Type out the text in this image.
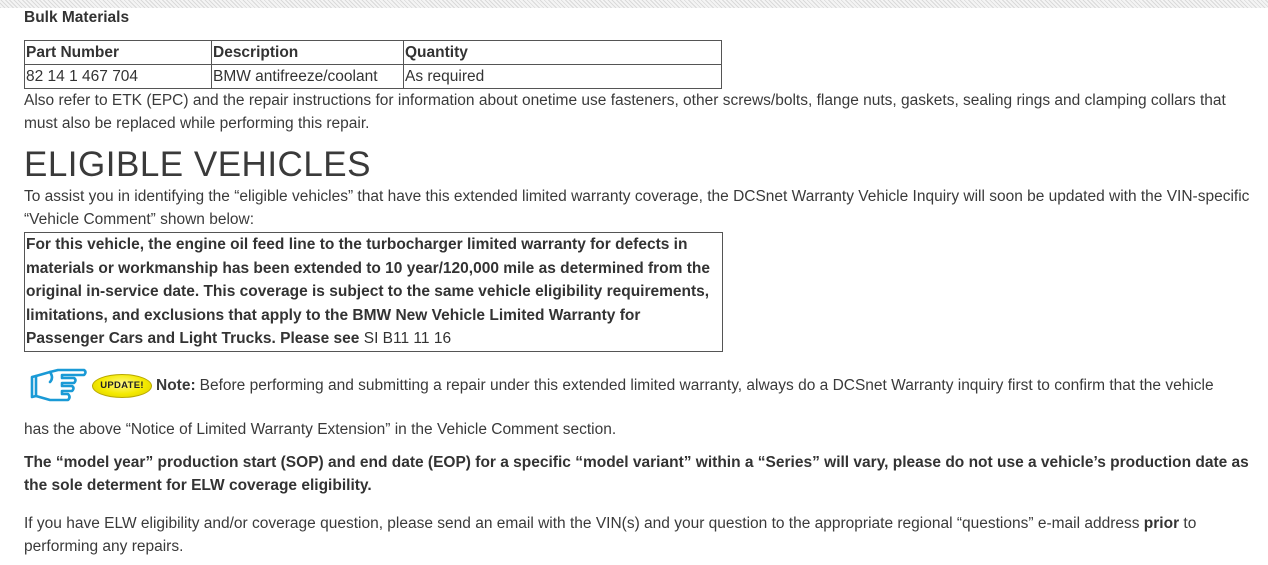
Bulk Materials

Part Number	Description	Quantity
82 14 1 467 704	BMW antifreeze/coolant	As required

Also refer to ETK (EPC) and the repair instructions for information about onetime use fasteners, other screws/bolts, flange nuts, gaskets, sealing rings and clamping collars that must also be replaced while performing this repair.

ELIGIBLE VEHICLES

To assist you in identifying the “eligible vehicles” that have this extended limited warranty coverage, the DCSnet Warranty Vehicle Inquiry will soon be updated with the VIN-specific “Vehicle Comment” shown below:

For this vehicle, the engine oil feed line to the turbocharger limited warranty for defects in materials or workmanship has been extended to 10 year/120,000 mile as determined from the original in-service date. This coverage is subject to the same vehicle eligibility requirements, limitations, and exclusions that apply to the BMW New Vehicle Limited Warranty for Passenger Cars and Light Trucks. Please see SI B11 11 16
UPDATE! Note: Before performing and submitting a repair under this extended limited warranty, always do a DCSnet Warranty inquiry first to confirm that the vehicle

has the above “Notice of Limited Warranty Extension” in the Vehicle Comment section.

The “model year” production start (SOP) and end date (EOP) for a specific “model variant” within a “Series” will vary, please do not use a vehicle’s production date as the sole determent for ELW coverage eligibility.

If you have ELW eligibility and/or coverage question, please send an email with the VIN(s) and your question to the appropriate regional “questions” e-mail address prior to performing any repairs.
